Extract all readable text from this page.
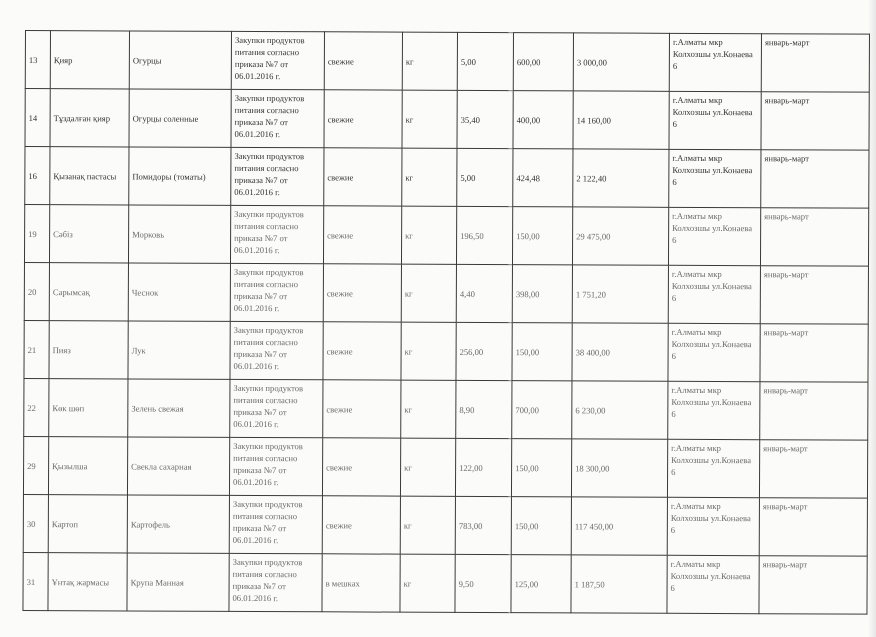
13	Қияр	Огурцы	Закупки продуктов питания согласно приказа №7 от 06.01.2016 г.	свежие	кг	5,00	600,00	3 000,00	г.Алматы мкр Колхозшы ул.Конаева 6	январь-март
14	Тұздалған қияр	Огурцы соленные	Закупки продуктов питания согласно приказа №7 от 06.01.2016 г.	свежие	кг	35,40	400,00	14 160,00	г.Алматы мкр Колхозшы ул.Конаева 6	январь-март
16	Қызанақ пастасы	Помидоры (томаты)	Закупки продуктов питания согласно приказа №7 от 06.01.2016 г.	свежие	кг	5,00	424,48	2 122,40	г.Алматы мкр Колхозшы ул.Конаева 6	январь-март
19	Сәбіз	Морковь	Закупки продуктов питания согласно приказа №7 от 06.01.2016 г.	свежие	кг	196,50	150,00	29 475,00	г.Алматы мкр Колхозшы ул.Конаева 6	январь-март
20	Сарымсақ	Чеснок	Закупки продуктов питания согласно приказа №7 от 06.01.2016 г.	свежие	кг	4,40	398,00	1 751,20	г.Алматы мкр Колхозшы ул.Конаева 6	январь-март
21	Пияз	Лук	Закупки продуктов питания согласно приказа №7 от 06.01.2016 г.	свежие	кг	256,00	150,00	38 400,00	г.Алматы мкр Колхозшы ул.Конаева 6	январь-март
22	Көк шөп	Зелень свежая	Закупки продуктов питания согласно приказа №7 от 06.01.2016 г.	свежие	кг	8,90	700,00	6 230,00	г.Алматы мкр Колхозшы ул.Конаева 6	январь-март
29	Қызылша	Свекла сахарная	Закупки продуктов питания согласно приказа №7 от 06.01.2016 г.	свежие	кг	122,00	150,00	18 300,00	г.Алматы мкр Колхозшы ул.Конаева 6	январь-март
30	Картоп	Картофель	Закупки продуктов питания согласно приказа №7 от 06.01.2016 г.	свежие	кг	783,00	150,00	117 450,00	г.Алматы мкр Колхозшы ул.Конаева 6	январь-март
31	Ұнтақ жармасы	Крупа Манная	Закупки продуктов питания согласно приказа №7 от 06.01.2016 г.	в мешках	кг	9,50	125,00	1 187,50	г.Алматы мкр Колхозшы ул.Конаева 6	январь-март
